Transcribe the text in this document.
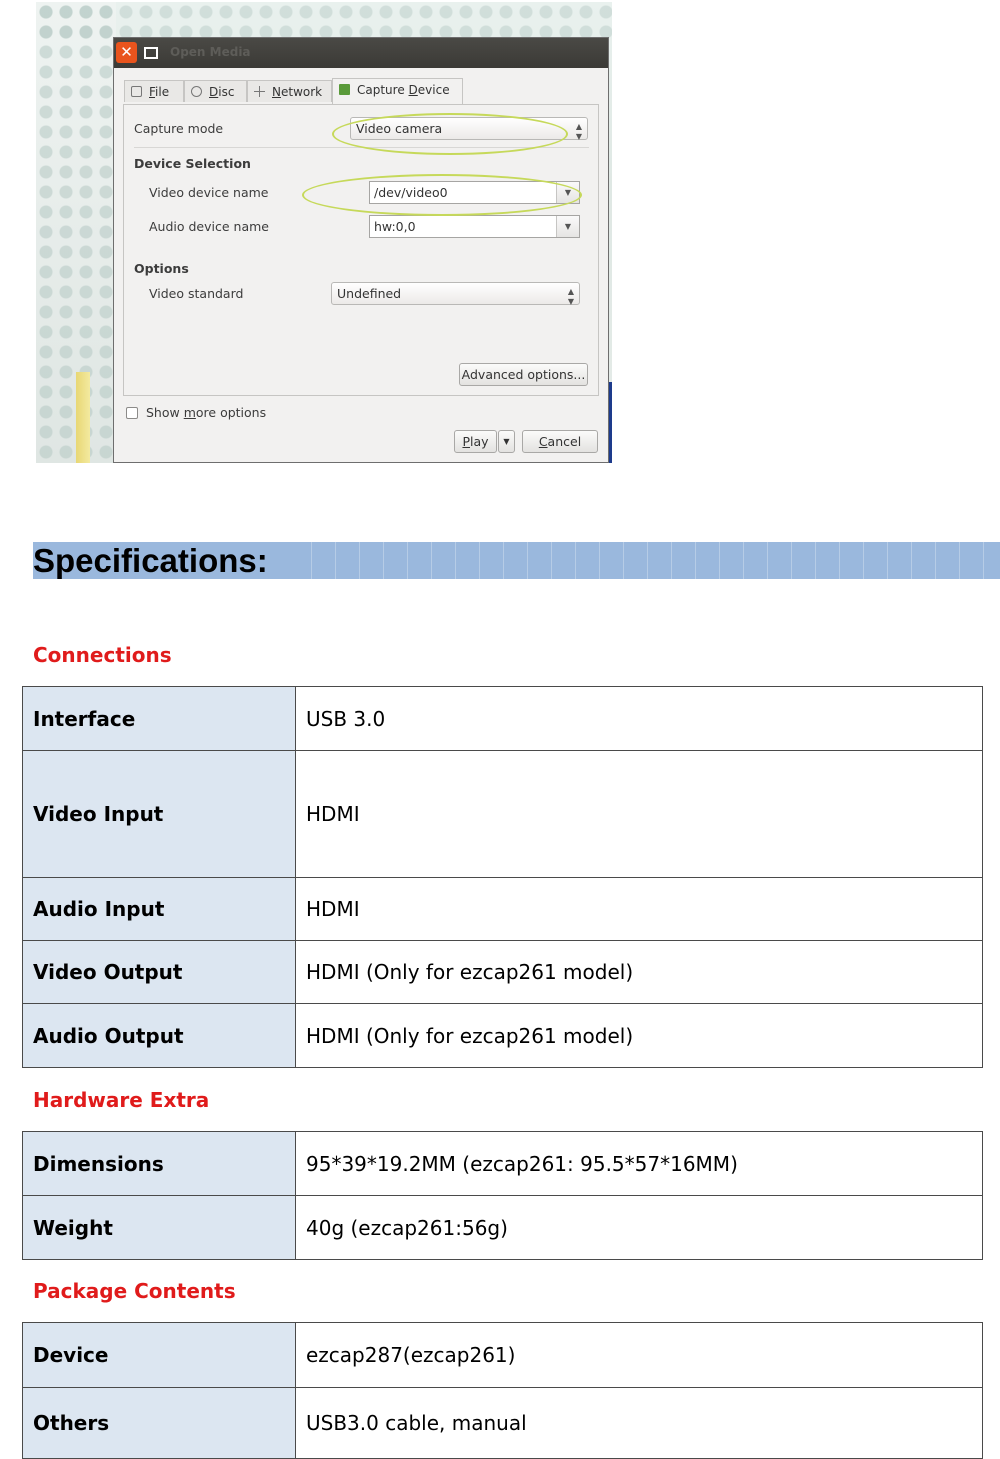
✕	Open Media
File	Disc	Network	Capture Device
Capture mode	Video camera	▲
▼
Device Selection
Video device name	/dev/video0	▼
Audio device name	hw:0,0	▼
Options
Video standard	Undefined	▲
▼
Advanced options...
Show more options
Play	▼	Cancel
Specifications:
Connections
Interface	USB 3.0
Video Input	HDMI
Audio Input	HDMI
Video Output	HDMI (Only for ezcap261 model)
Audio Output	HDMI (Only for ezcap261 model)
Hardware Extra
Dimensions	95*39*19.2MM (ezcap261: 95.5*57*16MM)
Weight	40g (ezcap261:56g)
Package Contents
Device	ezcap287(ezcap261)
Others	USB3.0 cable, manual
